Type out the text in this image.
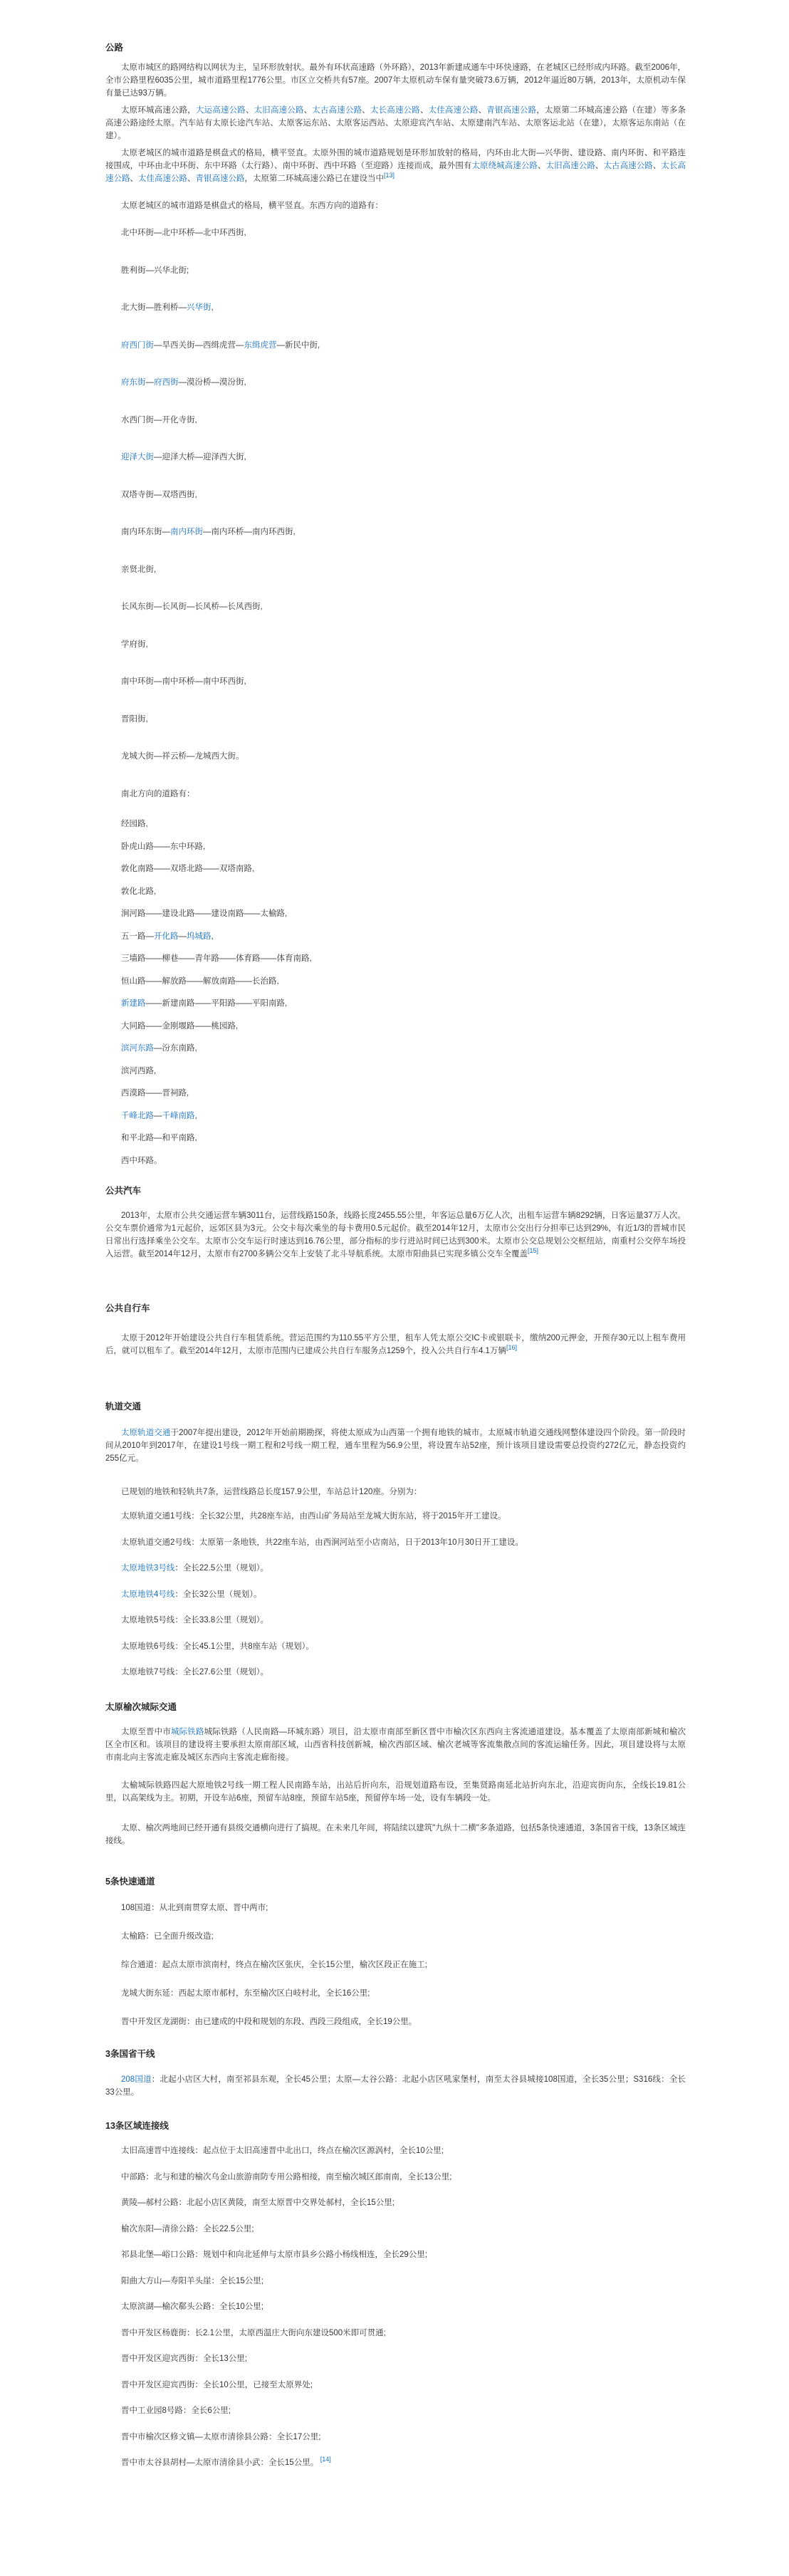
公路

太原市城区的路网结构以网状为主，呈环形放射状。最外有环状高速路（外环路），2013年新建成通车中环快速路，在老城区已经形成内环路。截至2006年，全市公路里程6035公里，城市道路里程1776公里。市区立交桥共有57座。2007年太原机动车保有量突破73.6万辆，2012年逼近80万辆，2013年，太原机动车保有量已达93万辆。

太原环城高速公路，大运高速公路、太旧高速公路、太古高速公路、太长高速公路、太佳高速公路、青银高速公路，太原第二环城高速公路（在建）等多条高速公路途经太原。汽车站有太原长途汽车站、太原客运东站、太原客运西站、太原迎宾汽车站、太原建南汽车站、太原客运北站（在建），太原客运东南站（在建）。

太原老城区的城市道路是棋盘式的格局，横平竖直。太原外围的城市道路规划是环形加放射的格局，内环由北大街—兴华街、建设路、南内环街、和平路连接围成，中环由北中环街、东中环路（太行路）、南中环街、西中环路（至迎路）连接而成，最外围有太原绕城高速公路、太旧高速公路、太古高速公路、太长高速公路、太佳高速公路、青银高速公路，太原第二环城高速公路已在建设当中[13]

太原老城区的城市道路是棋盘式的格局，横平竖直。东西方向的道路有：

北中环街—北中环桥—北中环西街,

胜利街—兴华北街;

北大街—胜利桥—兴华街,

府西门街—旱西关街—西缉虎营—东缉虎营—新民中街,

府东街—府西街—漠汾桥—漠汾街,

水西门街—开化寺街,

迎泽大街—迎泽大桥—迎泽西大街,

双塔寺街—双塔西街,

南内环东街—南内环街—南内环桥—南内环西街,

亲贤北街,

长风东街—长风街—长风桥—长风西街,

学府街,

南中环街—南中环桥—南中环西街,

晋阳街,

龙城大街—祥云桥—龙城西大街。

南北方向的道路有：

经园路,

卧虎山路——东中环路,

敦化南路——双塔北路——双塔南路,

敦化北路,

涧河路——建设北路——建设南路——太榆路,

五一路—开化路—坞城路,

三墙路——柳巷——青年路——体育路——体育南路,

恒山路——解放路——解放南路——长治路,

新建路——新建南路——平阳路——平阳南路,

大同路——金刚堰路——桃园路,

滨河东路—汾东南路,

滨河西路,

西漠路——晋祠路,

千峰北路—千峰南路,

和平北路—和平南路,

西中环路。

公共汽车

2013年，太原市公共交通运营车辆3011台，运营线路150条，线路长度2455.55公里，年客运总量6万亿人次，出租车运营车辆8292辆，日客运量37万人次。公交车票价通常为1元起价，远郊区县为3元。公交卡每次乘坐的每卡费用0.5元起价。截至2014年12月，太原市公交出行分担率已达到29%，有近1/3的晋城市民日常出行选择乘坐公交车。太原市公交车运行时速达到16.76公里，部分指标的步行进站时间已达到300米。太原市公交总规划公交枢纽站，南重村公交停车场投入运营。截至2014年12月，太原市有2700多辆公交车上安装了北斗导航系统。太原市阳曲县已实现多镇公交车全覆盖[15]

公共自行车

太原于2012年开始建设公共自行车租赁系统。营运范围约为110.55平方公里，租车人凭太原公交IC卡或银联卡，缴纳200元押金，开预存30元以上租车费用后，就可以租车了。截至2014年12月，太原市范围内已建成公共自行车服务点1259个，投入公共自行车4.1万辆[16]

轨道交通

太原轨道交通于2007年提出建设，2012年开始前期勘探，将使太原成为山西第一个拥有地铁的城市。太原城市轨道交通线网整体建设四个阶段。第一阶段时间从2010年到2017年，在建设1号线一期工程和2号线一期工程，通车里程为56.9公里，将设置车站52座，预计该项目建设需要总投资约272亿元，静态投资约255亿元。

已规划的地铁和轻轨共7条，运营线路总长度157.9公里，车站总计120座。分别为：

太原轨道交通1号线：全长32公里，共28座车站，由西山矿务局站至龙城大街东站，将于2015年开工建设。

太原轨道交通2号线：太原第一条地铁，共22座车站，由西涧河站至小店南站，日于2013年10月30日开工建设。

太原地铁3号线：全长22.5公里（规划）。

太原地铁4号线：全长32公里（规划）。

太原地铁5号线：全长33.8公里（规划）。

太原地铁6号线：全长45.1公里，共8座车站（规划）。

太原地铁7号线：全长27.6公里（规划）。

太原榆次城际交通

太原至晋中市城际铁路城际铁路（人民南路—环城东路）项目，沿太原市南部至新区晋中市榆次区东西向主客流通道建设。基本覆盖了太原南部新城和榆次区全市区和。该项目的建设将主要承担太原南部区域，山西省科技创新城，榆次西部区域、榆次老城等客流集散点间的客流运输任务。因此，项目建设将与太原市南北向主客流走廊及城区东西向主客流走廊衔接。

太榆城际铁路四起大原地铁2号线一期工程人民南路车站，出站后折向东，沿规划道路布设，至集贤路南延北站折向东北，沿迎宾街向东，全线长19.81公里，以高架线为主。初期，开设车站6座，预留车站8座，预留车站5座，预留停车场一处，设有车辆段一处。

太原、榆次两地间已经开通有县级交通横向进行了搞规。在未来几年间，将陆续以建筑"九纵十二横"多条道路，包括5条快速通道，3条国省干线，13条区域连接线。

5条快速通道

108国道：从北到南贯穿太原、晋中两市;

太榆路：已全面升级改造;

综合通道：起点太原市滨南村，终点在榆次区张庆，全长15公里，榆次区段正在施工;

龙城大街东延：西起太原市郝村，东至榆次区白岐村北，全长16公里;

晋中开发区龙湖街：由已建成的中段和规划的东段、西段三段组成，全长19公里。

3条国省干线

208国道：北起小店区大村，南至祁县东观，全长45公里；太原—太谷公路：北起小店区吼家堡村，南至太谷县城接108国道，全长35公里；S316线：全长33公里。

13条区域连接线

太旧高速晋中连接线：起点位于太旧高速晋中北出口，终点在榆次区源涡村，全长10公里;

中部路：北与和建的榆次乌金山旅游南防专用公路相接，南至榆次城区郎南南，全长13公里;

黄陵—郝村公路：北起小店区黄陵，南至太原晋中交界处郝村，全长15公里;

榆次东阳—清徐公路：全长22.5公里;

祁县北堡—峪口公路：规划中和向北延伸与太原市县乡公路小杨线相连，全长29公里;

阳曲大方山—寿阳羊头崖：全长15公里;

太原滨湖—榆次郗头公路：全长10公里;

晋中开发区杨鹿街：长2.1公里，太原西温庄大街向东建设500米即可贯通;

晋中开发区迎宾西街：全长13公里;

晋中开发区迎宾西街：全长10公里，已接至太原界处;

晋中工业园8号路：全长6公里;

晋中市榆次区修文镇—太原市清徐县公路：全长17公里;

晋中市太谷县胡村—太原市清徐县小武：全长15公里。 [14]
